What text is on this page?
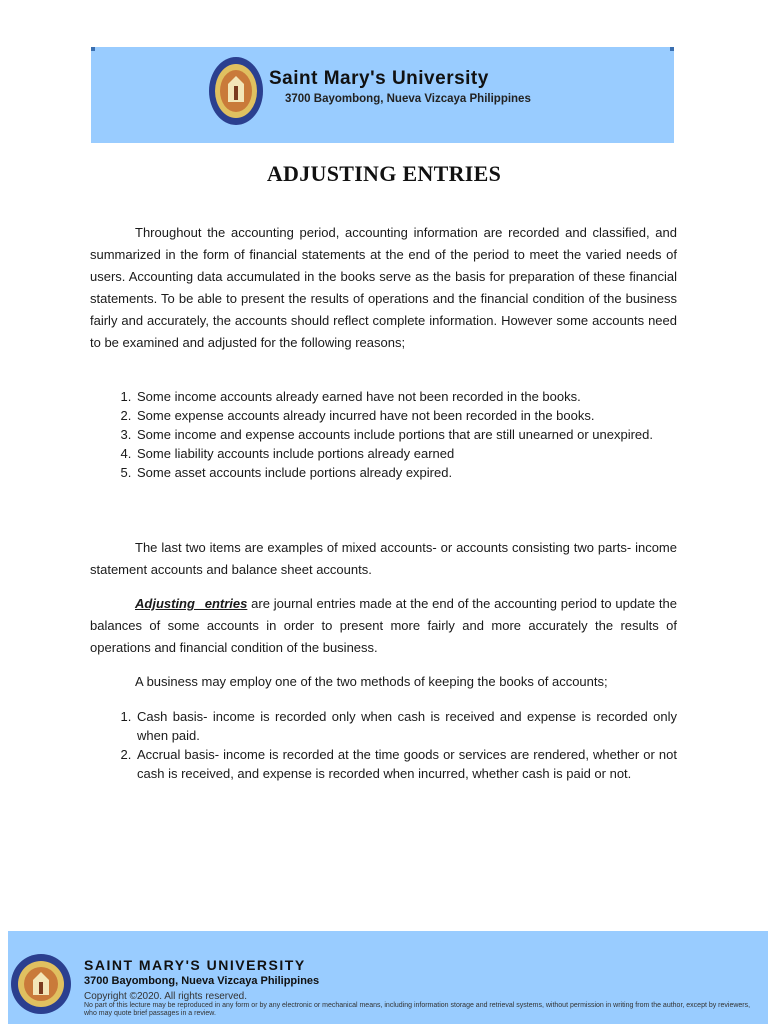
Saint Mary's University
3700 Bayombong, Nueva Vizcaya Philippines
ADJUSTING ENTRIES

Throughout the accounting period, accounting information are recorded and classified, and summarized in the form of financial statements at the end of the period to meet the varied needs of users. Accounting data accumulated in the books serve as the basis for preparation of these financial statements. To be able to present the results of operations and the financial condition of the business fairly and accurately, the accounts should reflect complete information. However some accounts need to be examined and adjusted for the following reasons;

1. Some income accounts already earned have not been recorded in the books.
2. Some expense accounts already incurred have not been recorded in the books.
3. Some income and expense accounts include portions that are still unearned or unexpired.
4. Some liability accounts include portions already earned
5. Some asset accounts include portions already expired.

The last two items are examples of mixed accounts- or accounts consisting two parts- income statement accounts and balance sheet accounts.

Adjusting entries are journal entries made at the end of the accounting period to update the balances of some accounts in order to present more fairly and more accurately the results of operations and financial condition of the business.

A business may employ one of the two methods of keeping the books of accounts;

1. Cash basis- income is recorded only when cash is received and expense is recorded only when paid.
2. Accrual basis- income is recorded at the time goods or services are rendered, whether or not cash is received, and expense is recorded when incurred, whether cash is paid or not.
SAINT MARY'S UNIVERSITY
3700 Bayombong, Nueva Vizcaya Philippines
Copyright ©2020. All rights reserved.
No part of this lecture may be reproduced in any form or by any electronic or mechanical means, including information storage and retrieval systems, without permission in writing from the author, except by reviewers, who may quote brief passages in a review.
